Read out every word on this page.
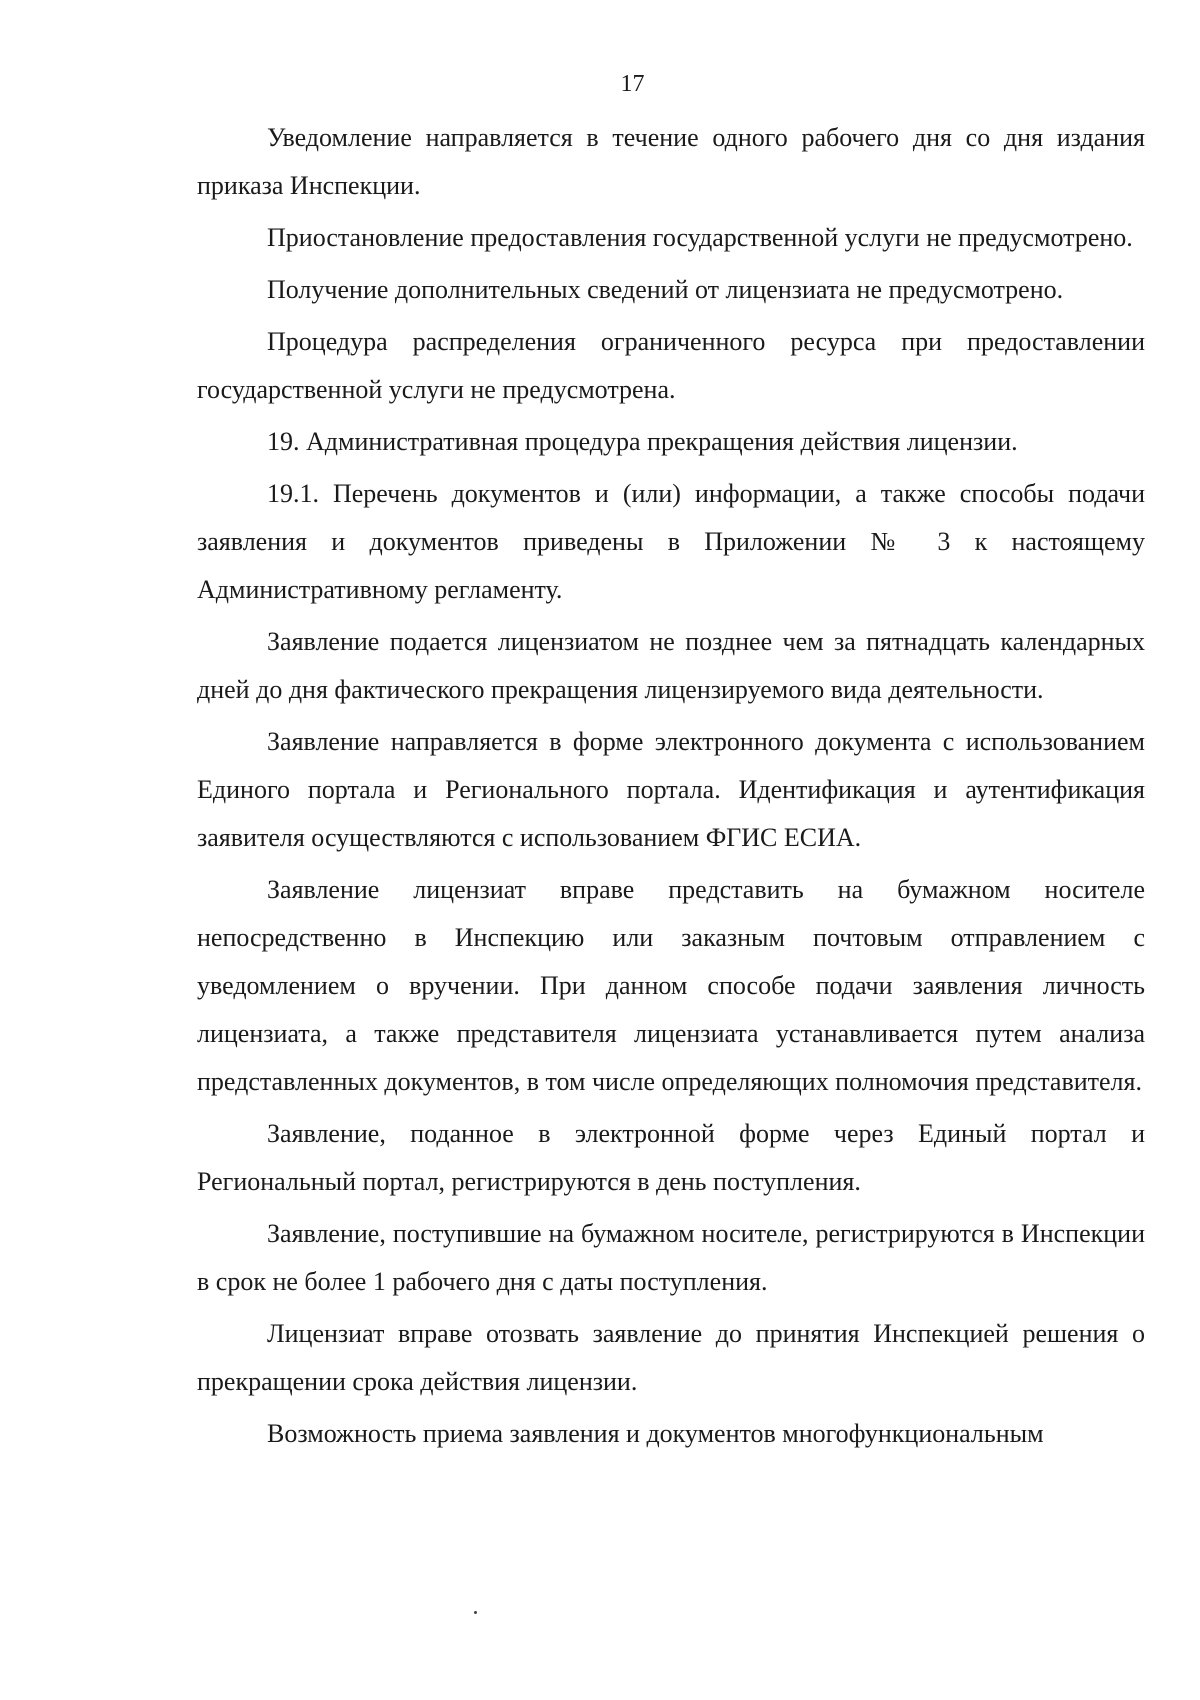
17

Уведомление направляется в течение одного рабочего дня со дня издания приказа Инспекции.

Приостановление предоставления государственной услуги не предусмотрено.

Получение дополнительных сведений от лицензиата не предусмотрено.

Процедура распределения ограниченного ресурса при предоставлении государственной услуги не предусмотрена.

19. Административная процедура прекращения действия лицензии.

19.1. Перечень документов и (или) информации, а также способы подачи заявления и документов приведены в Приложении № 3 к настоящему Административному регламенту.

Заявление подается лицензиатом не позднее чем за пятнадцать календарных дней до дня фактического прекращения лицензируемого вида деятельности.

Заявление направляется в форме электронного документа с использованием Единого портала и Регионального портала. Идентификация и аутентификация заявителя осуществляются с использованием ФГИС ЕСИА.

Заявление лицензиат вправе представить на бумажном носителе непосредственно в Инспекцию или заказным почтовым отправлением с уведомлением о вручении. При данном способе подачи заявления личность лицензиата, а также представителя лицензиата устанавливается путем анализа представленных документов, в том числе определяющих полномочия представителя.

Заявление, поданное в электронной форме через Единый портал и Региональный портал, регистрируются в день поступления.

Заявление, поступившие на бумажном носителе, регистрируются в Инспекции в срок не более 1 рабочего дня с даты поступления.

Лицензиат вправе отозвать заявление до принятия Инспекцией решения о прекращении срока действия лицензии.

Возможность приема заявления и документов многофункциональным
